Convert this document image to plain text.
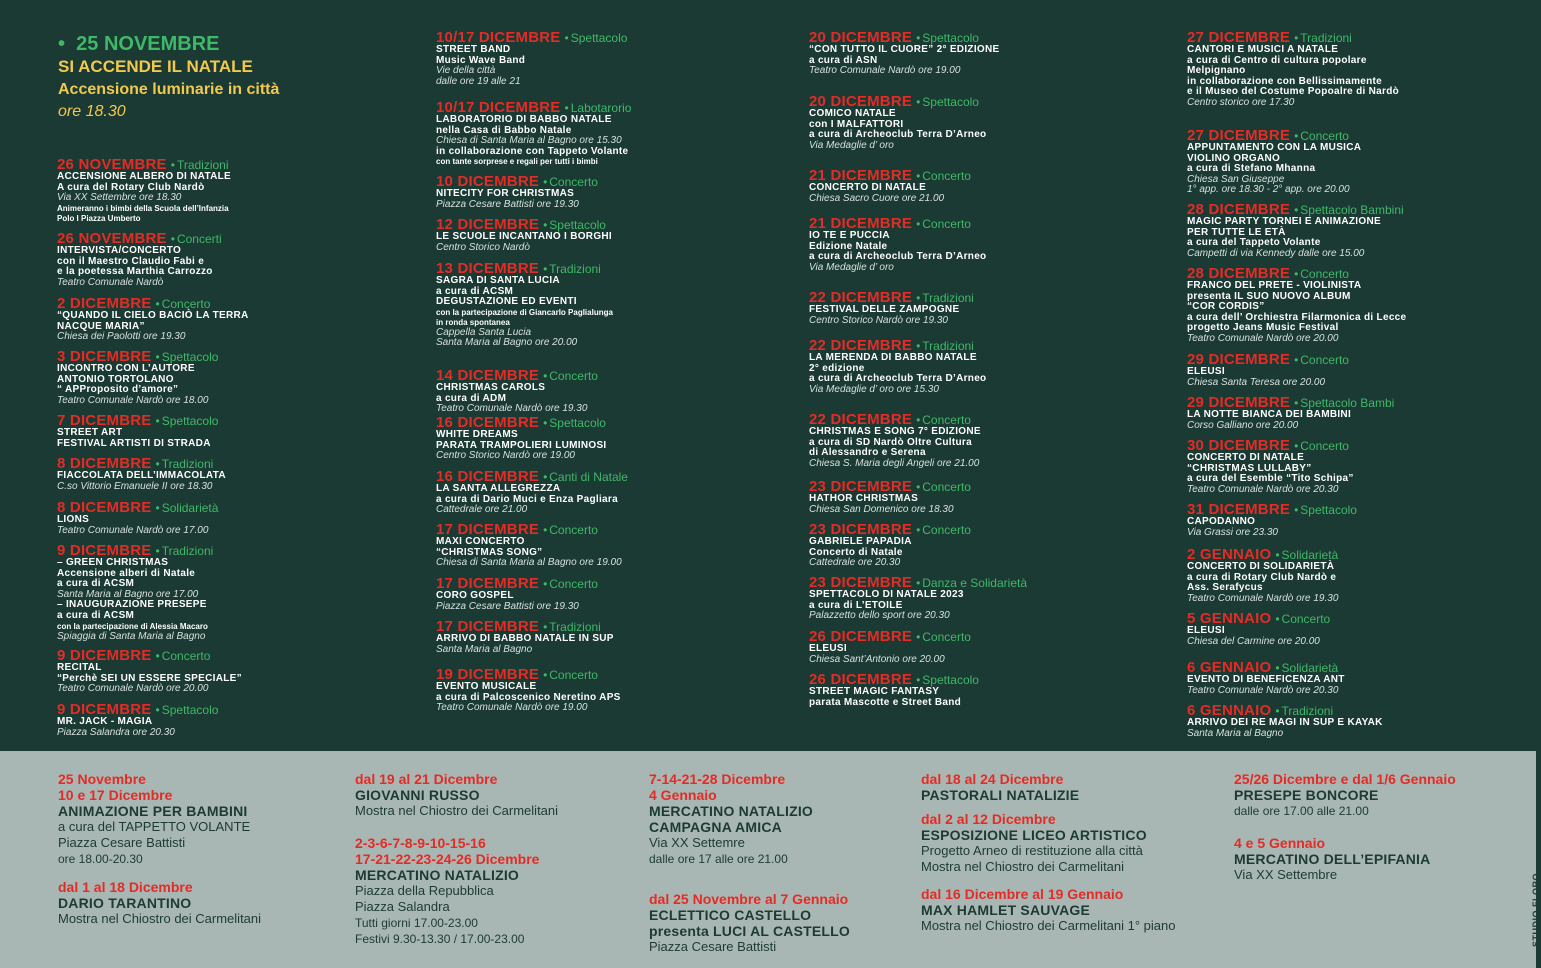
• 25 NOVEMBRE
SI ACCENDE IL NATALE
Accensione luminarie in città
ore 18.30
26 NOVEMBRE • Tradizioni
ACCENSIONE ALBERO DI NATALE
A cura del Rotary Club Nardò
Via XX Settembre ore 18.30
Animeranno i bimbi della Scuola dell’Infanzia
Polo I Piazza Umberto
26 NOVEMBRE • Concerti
INTERVISTA/CONCERTO
con il Maestro Claudio Fabi e
e la poetessa Marthia Carrozzo
Teatro Comunale Nardò
2 DICEMBRE • Concerto
“QUANDO IL CIELO BACIÒ LA TERRA
NACQUE MARIA”
Chiesa dei Paolotti ore 19.30
3 DICEMBRE • Spettacolo
INCONTRO CON L’AUTORE
ANTONIO TORTOLANO
“ APProposito d’amore”
Teatro Comunale Nardò ore 18.00
7 DICEMBRE • Spettacolo
STREET ART
FESTIVAL ARTISTI DI STRADA
8 DICEMBRE • Tradizioni
FIACCOLATA DELL’IMMACOLATA
C.so Vittorio Emanuele II ore 18.30
8 DICEMBRE • Solidarietà
LIONS
Teatro Comunale Nardò ore 17.00
9 DICEMBRE • Tradizioni
– GREEN CHRISTMAS
Accensione alberi di Natale
a cura di ACSM
Santa Maria al Bagno ore 17.00
– INAUGURAZIONE PRESEPE
a cura di ACSM
con la partecipazione di Alessia Macaro
Spiaggia di Santa Maria al Bagno
9 DICEMBRE • Concerto
RECITAL
“Perchè SEI UN ESSERE SPECIALE”
Teatro Comunale Nardò ore 20.00
9 DICEMBRE • Spettacolo
MR. JACK - MAGIA
Piazza Salandra ore 20.30
10/17 DICEMBRE • Spettacolo
STREET BAND
Music Wave Band
Vie della città
dalle ore 19 alle 21
10/17 DICEMBRE • Labotarorio
LABORATORIO DI BABBO NATALE
nella Casa di Babbo Natale
Chiesa di Santa Maria al Bagno ore 15.30
in collaborazione con Tappeto Volante
con tante sorprese e regali per tutti i bimbi
10 DICEMBRE • Concerto
NITECITY FOR CHRISTMAS
Piazza Cesare Battisti ore 19.30
12 DICEMBRE • Spettacolo
LE SCUOLE INCANTANO I BORGHI
Centro Storico Nardò
13 DICEMBRE • Tradizioni
SAGRA DI SANTA LUCIA
a cura di ACSM
DEGUSTAZIONE ED EVENTI
con la partecipazione di Giancarlo Paglialunga
in ronda spontanea
Cappella Santa Lucia
Santa Maria al Bagno ore 20.00
14 DICEMBRE • Concerto
CHRISTMAS CAROLS
a cura di ADM
Teatro Comunale Nardò ore 19.30
16 DICEMBRE • Spettacolo
WHITE DREAMS
PARATA TRAMPOLIERI LUMINOSI
Centro Storico Nardò ore 19.00
16 DICEMBRE • Canti di Natale
LA SANTA ALLEGREZZA
a cura di Dario Muci e Enza Pagliara
Cattedrale ore 21.00
17 DICEMBRE • Concerto
MAXI CONCERTO
“CHRISTMAS SONG”
Chiesa di Santa Maria al Bagno ore 19.00
17 DICEMBRE • Concerto
CORO GOSPEL
Piazza Cesare Battisti ore 19.30
17 DICEMBRE • Tradizioni
ARRIVO DI BABBO NATALE IN SUP
Santa Maria al Bagno
19 DICEMBRE • Concerto
EVENTO MUSICALE
a cura di Palcoscenico Neretino APS
Teatro Comunale Nardò ore 19.00
20 DICEMBRE • Spettacolo
“CON TUTTO IL CUORE” 2° EDIZIONE
a cura di ASN
Teatro Comunale Nardò ore 19.00
20 DICEMBRE • Spettacolo
COMICO NATALE
con I MALFATTORI
a cura di Archeoclub Terra D’Arneo
Via Medaglie d’ oro
21 DICEMBRE • Concerto
CONCERTO DI NATALE
Chiesa Sacro Cuore ore 21.00
21 DICEMBRE • Concerto
IO TE E PUCCIA
Edizione Natale
a cura di Archeoclub Terra D’Arneo
Via Medaglie d’ oro
22 DICEMBRE • Tradizioni
FESTIVAL DELLE ZAMPOGNE
Centro Storico Nardò ore 19.30
22 DICEMBRE • Tradizioni
LA MERENDA DI BABBO NATALE
2° edizione
a cura di Archeoclub Terra D’Arneo
Via Medaglie d’ oro ore 15.30
22 DICEMBRE • Concerto
CHRISTMAS E SONG 7° EDIZIONE
a cura di SD Nardò Oltre Cultura
di Alessandro e Serena
Chiesa S. Maria degli Angeli ore 21.00
23 DICEMBRE • Concerto
HATHOR CHRISTMAS
Chiesa San Domenico ore 18.30
23 DICEMBRE • Concerto
GABRIELE PAPADIA
Concerto di Natale
Cattedrale ore 20.30
23 DICEMBRE • Danza e Solidarietà
SPETTACOLO DI NATALE 2023
a cura di L’ETOILE
Palazzetto dello sport ore 20.30
26 DICEMBRE • Concerto
ELEUSI
Chiesa Sant’Antonio ore 20.00
26 DICEMBRE • Spettacolo
STREET MAGIC FANTASY
parata Mascotte e Street Band
27 DICEMBRE • Tradizioni
CANTORI E MUSICI A NATALE
a cura di Centro di cultura popolare
Melpignano
in collaborazione con Bellissimamente
e il Museo del Costume Popoalre di Nardò
Centro storico ore 17.30
27 DICEMBRE • Concerto
APPUNTAMENTO CON LA MUSICA
VIOLINO ORGANO
a cura di Stefano Mhanna
Chiesa San Giuseppe
1° app. ore 18.30 - 2° app. ore 20.00
28 DICEMBRE • Spettacolo Bambini
MAGIC PARTY TORNEI E ANIMAZIONE
PER TUTTE LE ETÀ
a cura del Tappeto Volante
Campetti di via Kennedy dalle ore 15.00
28 DICEMBRE • Concerto
FRANCO DEL PRETE - VIOLINISTA
presenta IL SUO NUOVO ALBUM
“COR CORDIS”
a cura dell’ Orchiestra Filarmonica di Lecce
progetto Jeans Music Festival
Teatro Comunale Nardò ore 20.00
29 DICEMBRE • Concerto
ELEUSI
Chiesa Santa Teresa ore 20.00
29 DICEMBRE • Spettacolo Bambi
LA NOTTE BIANCA DEI BAMBINI
Corso Galliano ore 20.00
30 DICEMBRE • Concerto
CONCERTO DI NATALE
“CHRISTMAS LULLABY”
a cura del Esemble “Tito Schipa”
Teatro Comunale Nardò ore 20.30
31 DICEMBRE • Spettacolo
CAPODANNO
Via Grassi ore 23.30
2 GENNAIO • Solidarietà
CONCERTO DI SOLIDARIETÀ
a cura di Rotary Club Nardò e
Ass. Serafycus
Teatro Comunale Nardò ore 19.30
5 GENNAIO • Concerto
ELEUSI
Chiesa del Carmine ore 20.00
6 GENNAIO • Solidarietà
EVENTO DI BENEFICENZA ANT
Teatro Comunale Nardò ore 20.30
6 GENNAIO • Tradizioni
ARRIVO DEI RE MAGI IN SUP E KAYAK
Santa Maria al Bagno
25 Novembre
10 e 17 Dicembre
ANIMAZIONE PER BAMBINI
a cura del TAPPETTO VOLANTE
Piazza Cesare Battisti
ore 18.00-20.30
dal 1 al 18 Dicembre
DARIO TARANTINO
Mostra nel Chiostro dei Carmelitani
dal 19 al 21 Dicembre
GIOVANNI RUSSO
Mostra nel Chiostro dei Carmelitani
2-3-6-7-8-9-10-15-16
17-21-22-23-24-26 Dicembre
MERCATINO NATALIZIO
Piazza della Repubblica
Piazza Salandra
Tutti giorni 17.00-23.00
Festivi 9.30-13.30 / 17.00-23.00
7-14-21-28 Dicembre
4 Gennaio
MERCATINO NATALIZIO
CAMPAGNA AMICA
Via XX Settemre
dalle ore 17 alle ore 21.00
dal 25 Novembre al 7 Gennaio
ECLETTICO CASTELLO
presenta LUCI AL CASTELLO
Piazza Cesare Battisti
dal 18 al 24 Dicembre
PASTORALI NATALIZIE
dal 2 al 12 Dicembre
ESPOSIZIONE LICEO ARTISTICO
Progetto Arneo di restituzione alla città
Mostra nel Chiostro dei Carmelitani
dal 16 Dicembre al 19 Gennaio
MAX HAMLET SAUVAGE
Mostra nel Chiostro dei Carmelitani 1° piano
25/26 Dicembre e dal 1/6 Gennaio
PRESEPE BONCORE
dalle ore 17.00 alle 21.00
4 e 5 Gennaio
MERCATINO DELL’EPIFANIA
Via XX Settembre	STUDIO FLORO
